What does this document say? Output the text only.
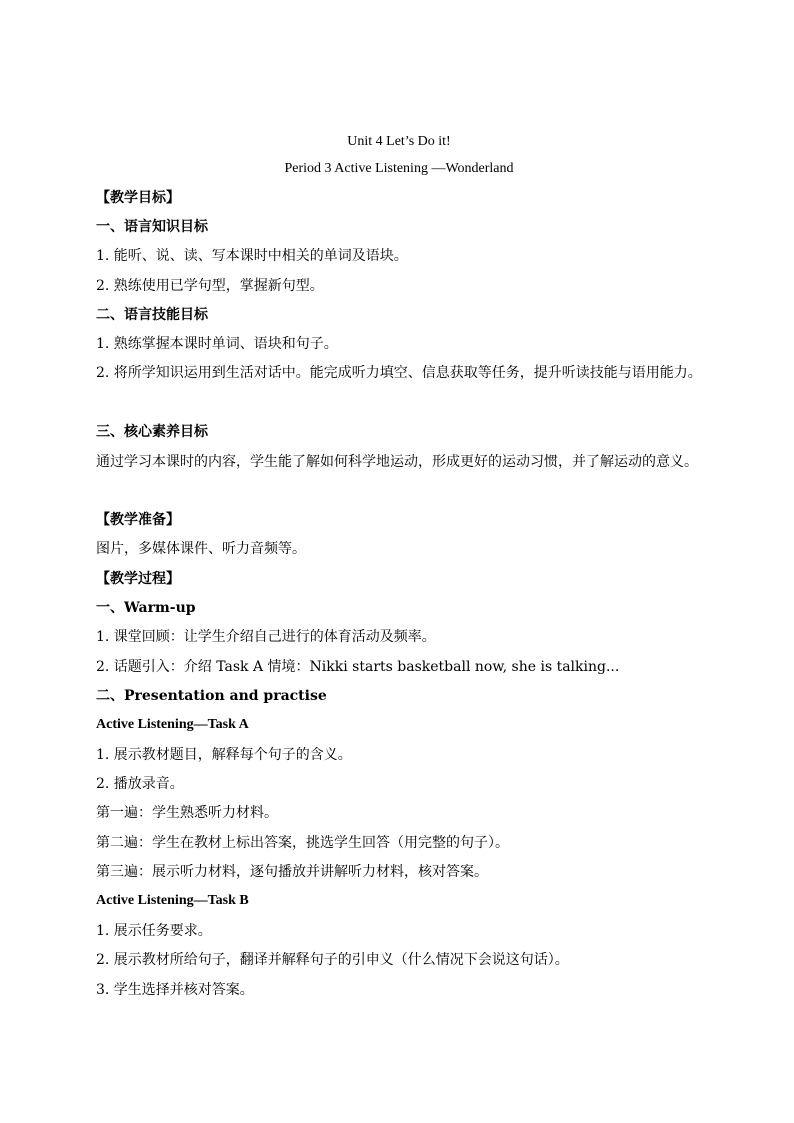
Unit 4 Let’s Do it!
Period 3 Active Listening —Wonderland
【教学目标】
一、语言知识目标
1. 能听、说、读、写本课时中相关的单词及语块。
2. 熟练使用已学句型，掌握新句型。
二、语言技能目标
1. 熟练掌握本课时单词、语块和句子。
2. 将所学知识运用到生活对话中。能完成听力填空、信息获取等任务，提升听读技能与语用能力。
三、核心素养目标
通过学习本课时的内容，学生能了解如何科学地运动，形成更好的运动习惯，并了解运动的意义。
【教学准备】
图片，多媒体课件、听力音频等。
【教学过程】
一、Warm-up
1. 课堂回顾：让学生介绍自己进行的体育活动及频率。
2. 话题引入：介绍 Task A 情境：Nikki starts basketball now, she is talking...
二、Presentation and practise
Active Listening—Task A
1. 展示教材题目，解释每个句子的含义。
2. 播放录音。
第一遍：学生熟悉听力材料。
第二遍：学生在教材上标出答案，挑选学生回答（用完整的句子）。
第三遍：展示听力材料，逐句播放并讲解听力材料，核对答案。
Active Listening—Task B
1. 展示任务要求。
2. 展示教材所给句子，翻译并解释句子的引申义（什么情况下会说这句话）。
3. 学生选择并核对答案。
